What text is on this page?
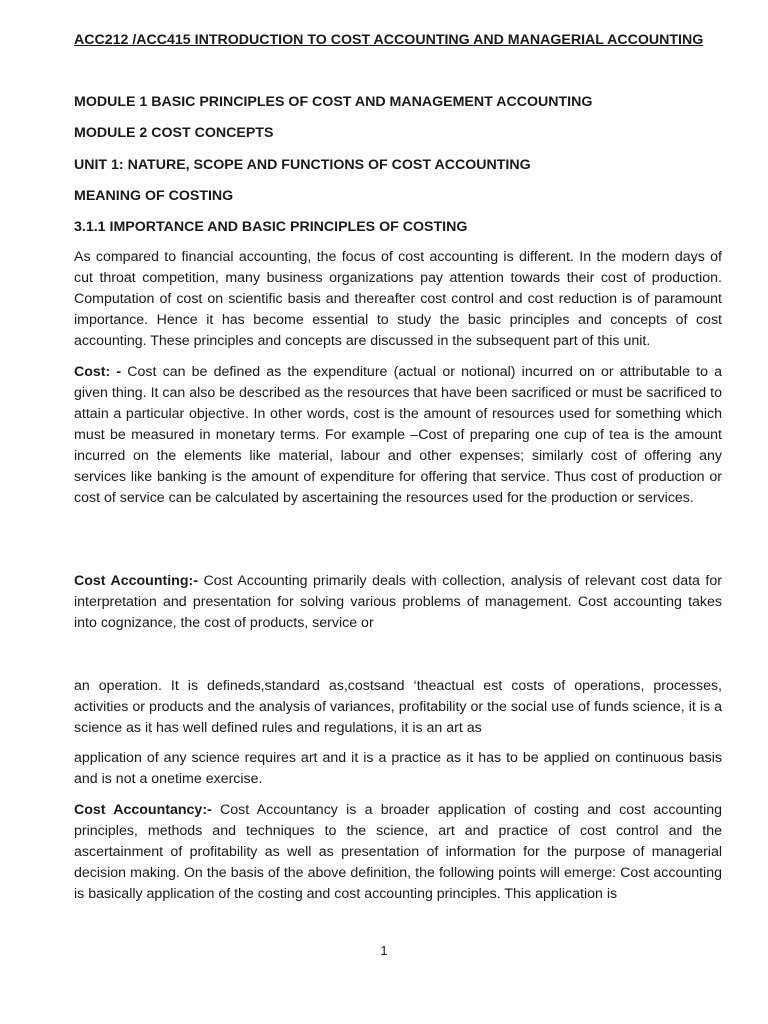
ACC212 /ACC415 INTRODUCTION TO COST ACCOUNTING AND MANAGERIAL ACCOUNTING
MODULE 1 BASIC PRINCIPLES OF COST AND MANAGEMENT ACCOUNTING
MODULE 2 COST CONCEPTS
UNIT 1: NATURE, SCOPE AND FUNCTIONS OF COST ACCOUNTING
MEANING OF COSTING
3.1.1 IMPORTANCE AND BASIC PRINCIPLES OF COSTING

As compared to financial accounting, the focus of cost accounting is different. In the modern days of cut throat competition, many business organizations pay attention towards their cost of production. Computation of cost on scientific basis and thereafter cost control and cost reduction is of paramount importance. Hence it has become essential to study the basic principles and concepts of cost accounting. These principles and concepts are discussed in the subsequent part of this unit.

Cost: - Cost can be defined as the expenditure (actual or notional) incurred on or attributable to a given thing. It can also be described as the resources that have been sacrificed or must be sacrificed to attain a particular objective. In other words, cost is the amount of resources used for something which must be measured in monetary terms. For example –Cost of preparing one cup of tea is the amount incurred on the elements like material, labour and other expenses; similarly cost of offering any services like banking is the amount of expenditure for offering that service. Thus cost of production or cost of service can be calculated by ascertaining the resources used for the production or services.

Cost Accounting:- Cost Accounting primarily deals with collection, analysis of relevant cost data for interpretation and presentation for solving various problems of management. Cost accounting takes into cognizance, the cost of products, service or

an operation. It is defineds,standard as,costsand ‘theactual est costs of operations, processes, activities or products and the analysis of variances, profitability or the social use of funds science, it is a science as it has well defined rules and regulations, it is an art as

application of any science requires art and it is a practice as it has to be applied on continuous basis and is not a onetime exercise.

Cost Accountancy:- Cost Accountancy is a broader application of costing and cost accounting principles, methods and techniques to the science, art and practice of cost control and the ascertainment of profitability as well as presentation of information for the purpose of managerial decision making. On the basis of the above definition, the following points will emerge: Cost accounting is basically application of the costing and cost accounting principles. This application is

1
